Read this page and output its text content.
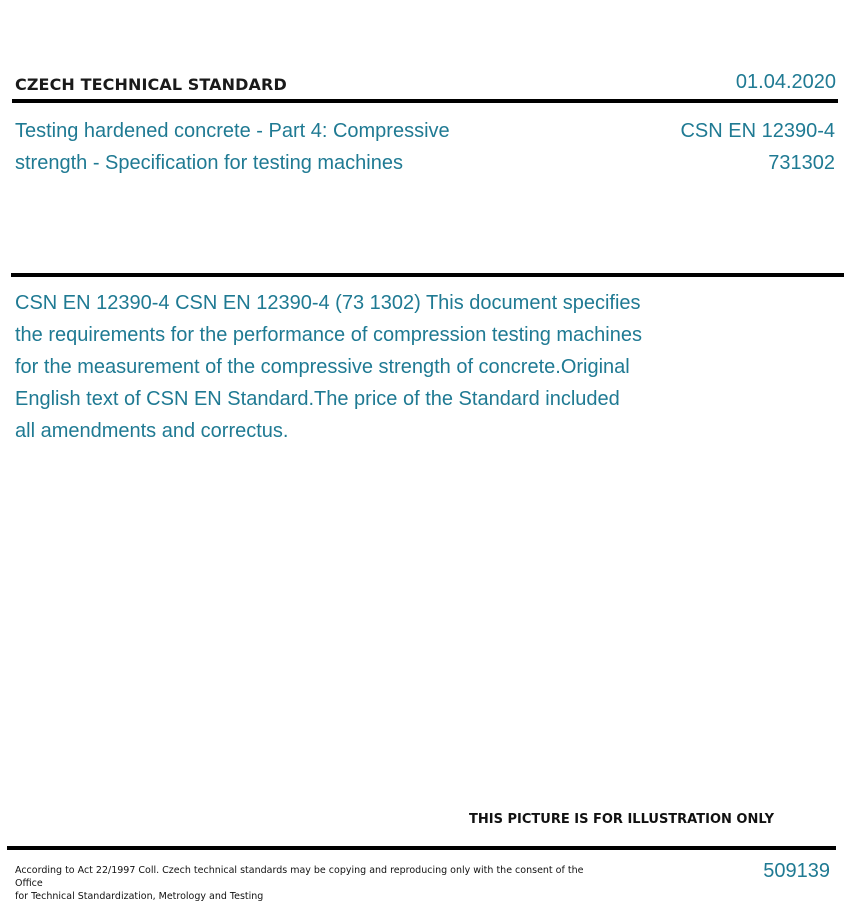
CZECH TECHNICAL STANDARD	01.04.2020
Testing hardened concrete - Part 4: Compressive
strength - Specification for testing machines
CSN EN 12390-4
731302
CSN EN 12390-4 CSN EN 12390-4 (73 1302) This document specifies
the requirements for the performance of compression testing machines
for the measurement of the compressive strength of concrete.Original
English text of CSN EN Standard.The price of the Standard included
all amendments and correctus.
THIS PICTURE IS FOR ILLUSTRATION ONLY
According to Act 22/1997 Coll. Czech technical standards may be copying and reproducing only with the consent of the Office
for Technical Standardization, Metrology and Testing
509139
